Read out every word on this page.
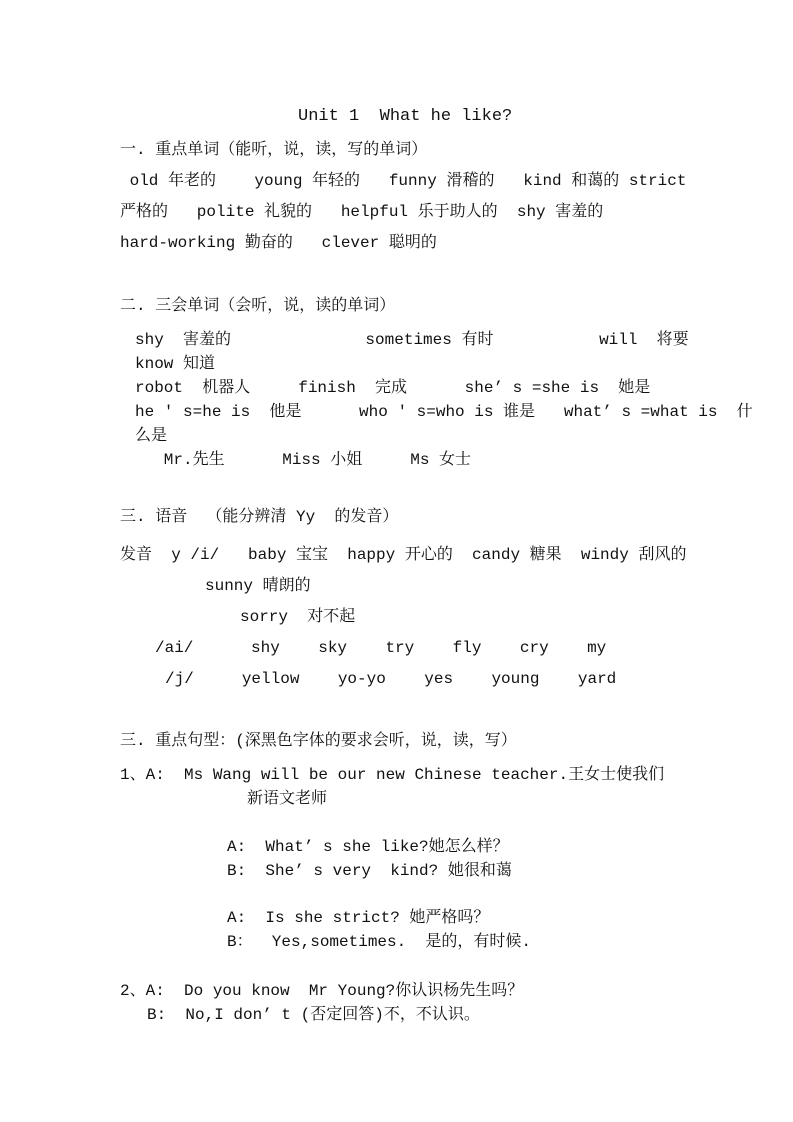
Unit 1  What he like?
一. 重点单词（能听，说，读，写的单词）
old 年老的    young 年轻的   funny 滑稽的   kind 和蔼的 strict
严格的   polite 礼貌的   helpful 乐于助人的  shy 害羞的
hard-working 勤奋的   clever 聪明的
二. 三会单词（会听，说，读的单词）
shy  害羞的              sometimes 有时           will  将要
know 知道
robot  机器人     finish  完成      she’ s =she is  她是
he ' s=he is  他是      who ' s=who is 谁是   what’ s =what is  什
么是
Mr.先生      Miss 小姐     Ms 女士
三. 语音  （能分辨清 Yy  的发音）
发音  y /i/   baby 宝宝  happy 开心的  candy 糖果  windy 刮风的
sunny 晴朗的
sorry  对不起
/ai/      shy    sky    try    fly    cry    my
/j/     yellow    yo-yo    yes    young    yard
三. 重点句型：(深黑色字体的要求会听，说，读，写）
1、A:  Ms Wang will be our new Chinese teacher.王女士使我们
新语文老师
A:  What’ s she like?她怎么样？
B:  She’ s very  kind? 她很和蔼
A:  Is she strict? 她严格吗？
B：  Yes,sometimes.  是的，有时候.
2、A:  Do you know  Mr Young?你认识杨先生吗？
B:  No,I don’ t (否定回答)不，不认识。
